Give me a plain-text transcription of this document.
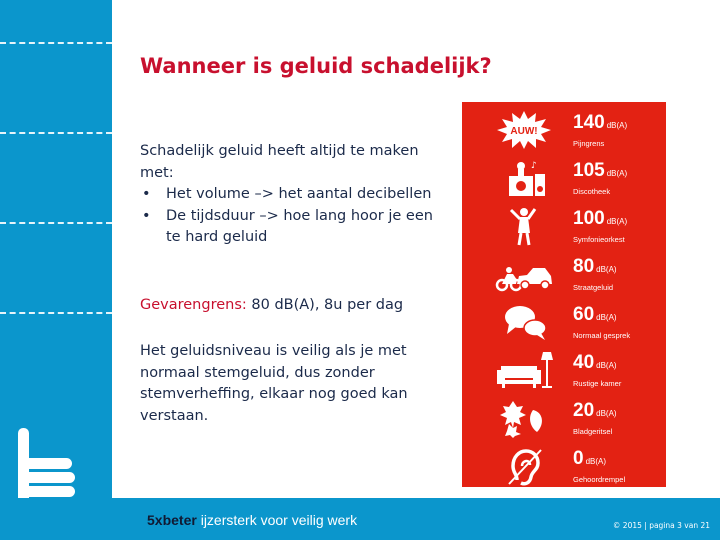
Wanneer is geluid schadelijk?
Schadelijk geluid heeft altijd te maken met:
• Het volume –> het aantal decibellen
• De tijdsduur –> hoe lang hoor je een te hard geluid
Gevarengrens: 80 dB(A), 8u per dag
Het geluidsniveau is veilig als je met normaal stemgeluid, dus zonder stemverheffing, elkaar nog goed kan verstaan.
AUW! 140 dB(A)
Pijngrens
♪ 105 dB(A)
Discotheek
100 dB(A)
Symfonieorkest
80 dB(A)
Straatgeluid
60 dB(A)
Normaal gesprek
40 dB(A)
Rustige kamer
20 dB(A)
Bladgeritsel
0 dB(A)
Gehoordrempel
5xbeter ijzersterk voor veilig werk	© 2015 | pagina 3 van 21
